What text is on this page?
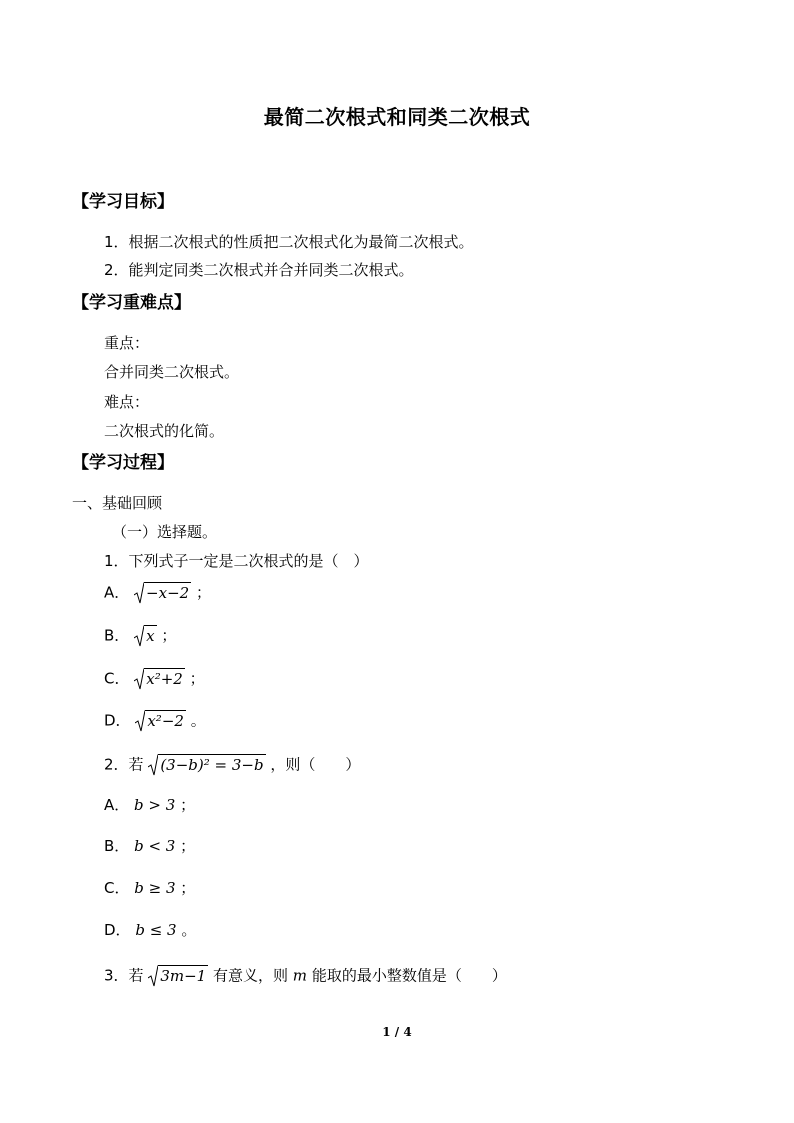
最简二次根式和同类二次根式
【学习目标】
1．根据二次根式的性质把二次根式化为最简二次根式。
2．能判定同类二次根式并合并同类二次根式。
【学习重难点】
重点：
合并同类二次根式。
难点：
二次根式的化简。
【学习过程】
一、基础回顾
（一）选择题。
1．下列式子一定是二次根式的是（　）
A． −x−2 ；
B． x ；
C． x²+2 ；
D． x²−2 。
2．若 (3−b)² = 3−b ，则（　　）
A． b > 3 ；
B． b < 3 ；
C． b ≥ 3 ；
D． b ≤ 3 。
3．若 3m−1 有意义，则 m 能取的最小整数值是（　　）
1 / 4
